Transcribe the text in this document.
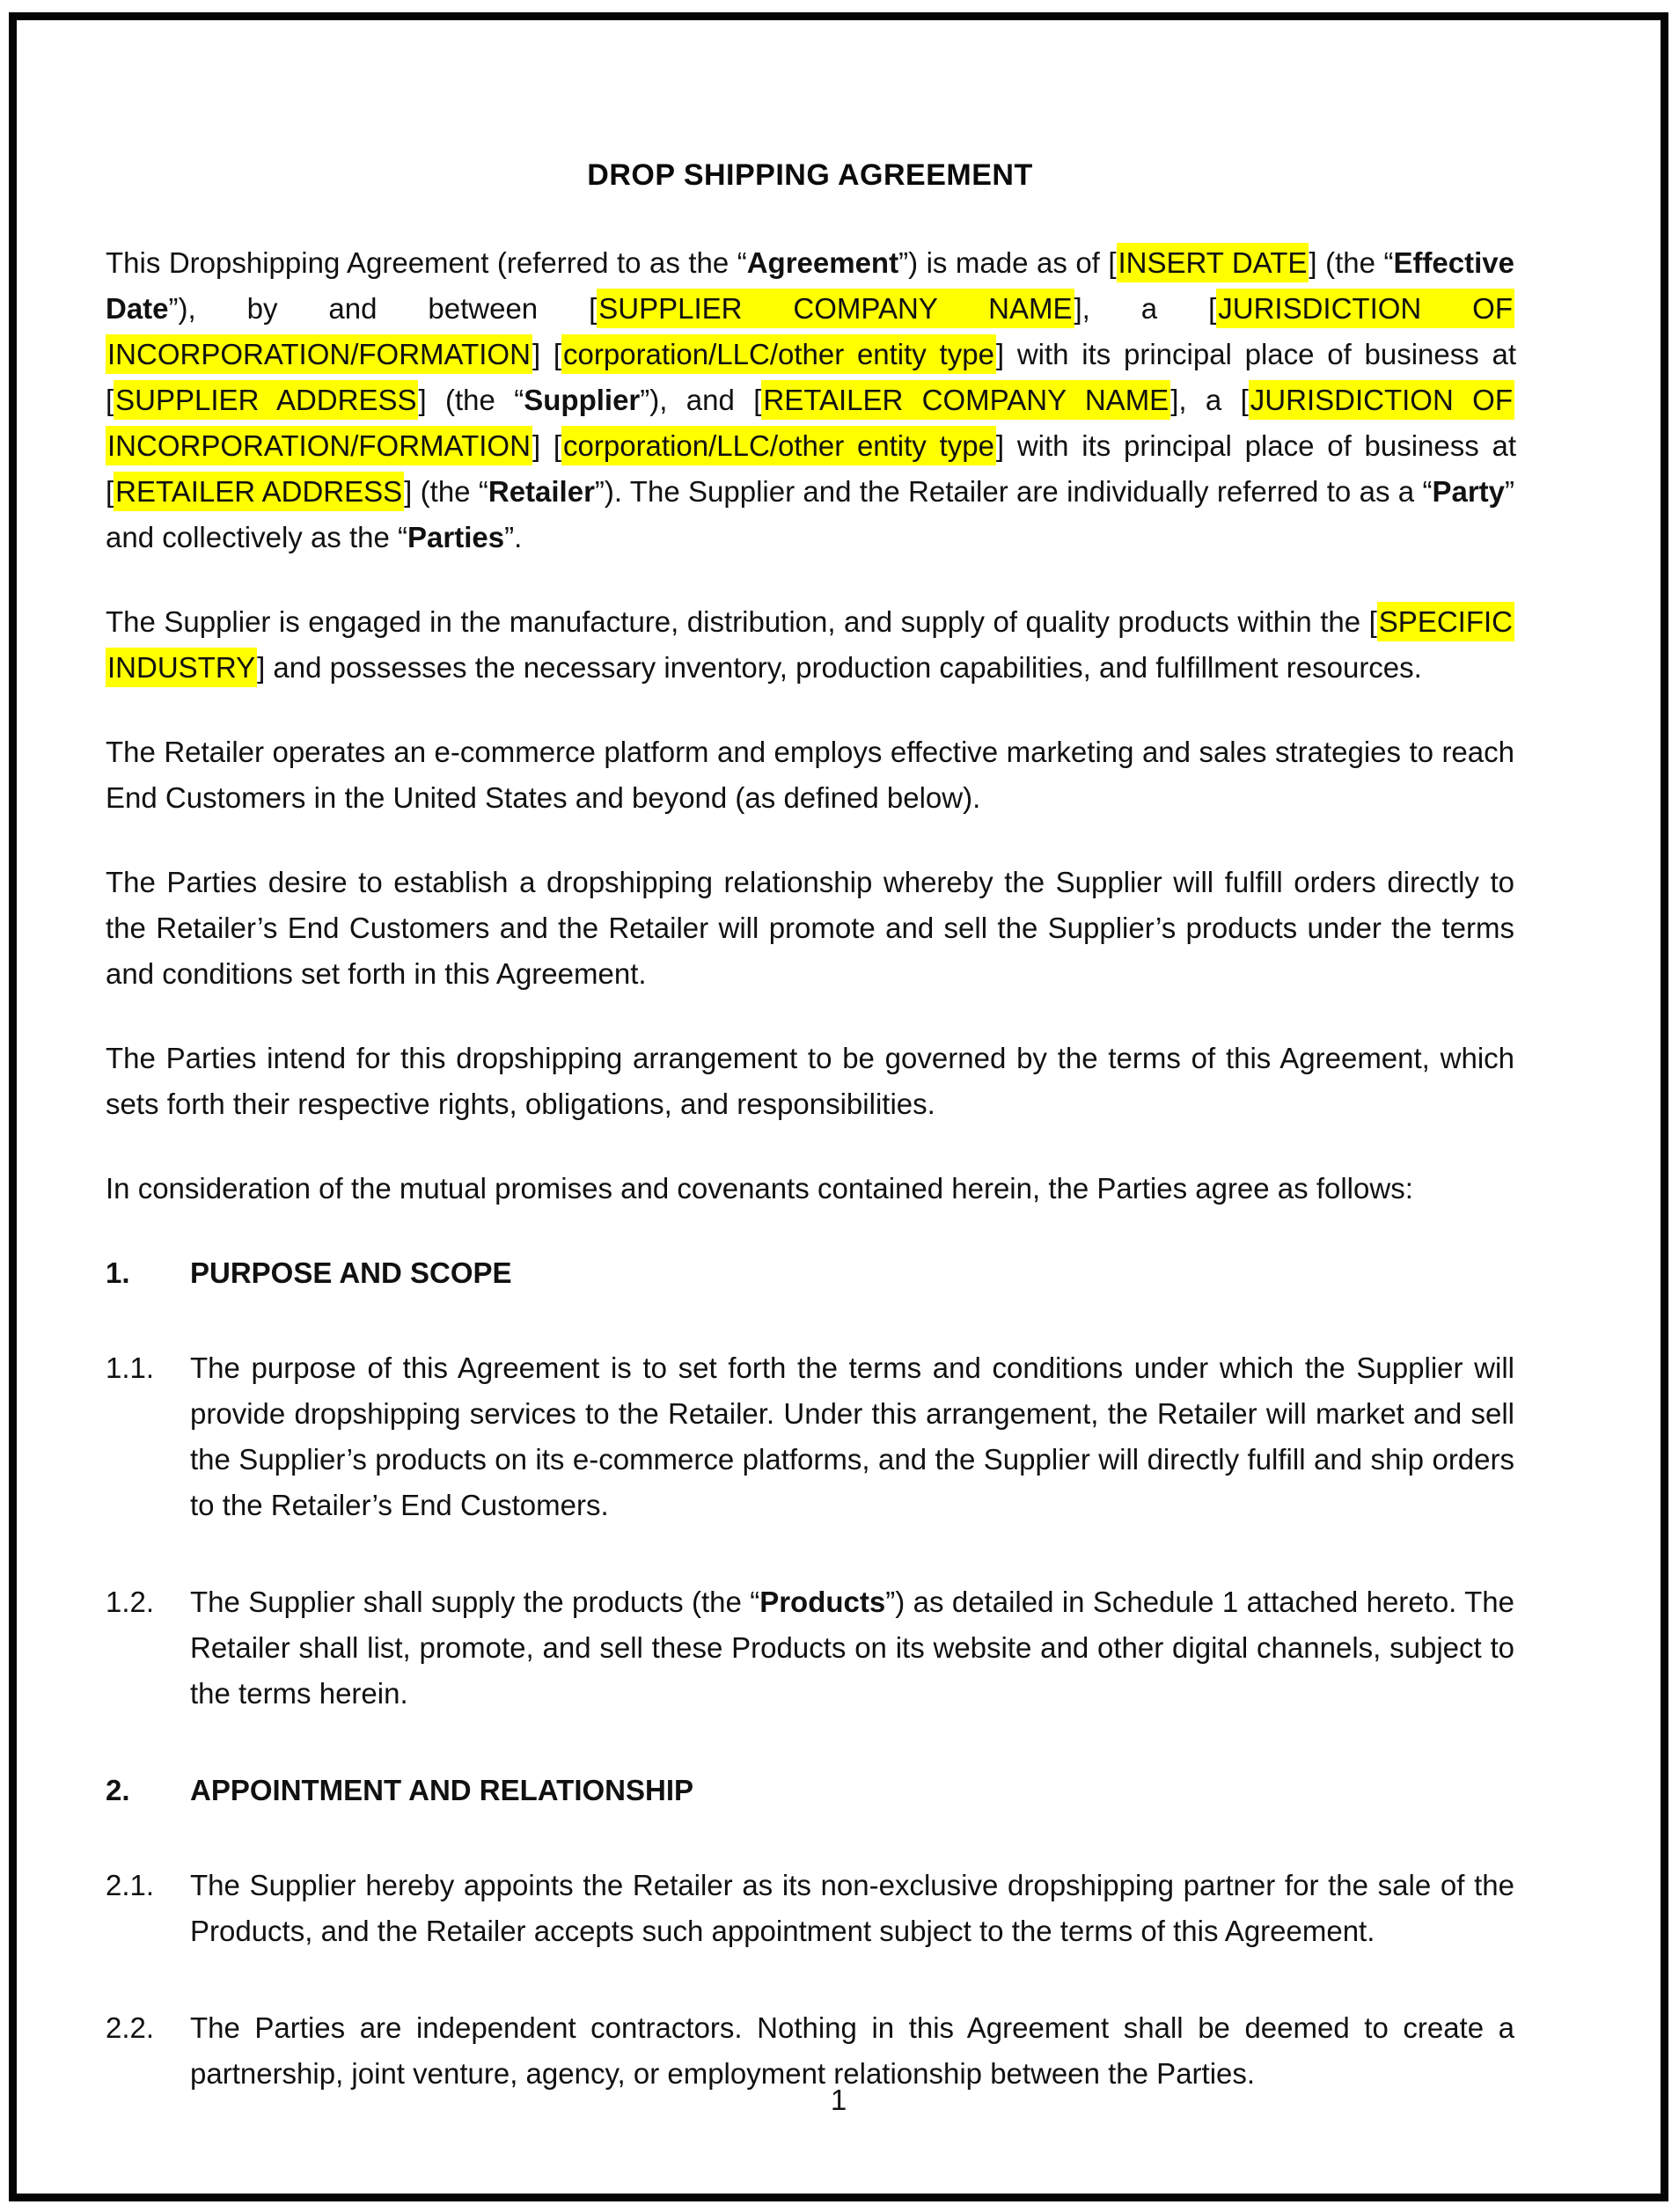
DROP SHIPPING AGREEMENT

This Dropshipping Agreement (referred to as the “Agreement”) is made as of [INSERT DATE] (the “Effective Date”), by and between [SUPPLIER COMPANY NAME], a [JURISDICTION OF INCORPORATION/FORMATION] [corporation/LLC/other entity type] with its principal place of business at [SUPPLIER ADDRESS] (the “Supplier”), and [RETAILER COMPANY NAME], a [JURISDICTION OF INCORPORATION/FORMATION] [corporation/LLC/other entity type] with its principal place of business at [RETAILER ADDRESS] (the “Retailer”). The Supplier and the Retailer are individually referred to as a “Party” and collectively as the “Parties”.

The Supplier is engaged in the manufacture, distribution, and supply of quality products within the [SPECIFIC INDUSTRY] and possesses the necessary inventory, production capabilities, and fulfillment resources.

The Retailer operates an e-commerce platform and employs effective marketing and sales strategies to reach End Customers in the United States and beyond (as defined below).

The Parties desire to establish a dropshipping relationship whereby the Supplier will fulfill orders directly to the Retailer’s End Customers and the Retailer will promote and sell the Supplier’s products under the terms and conditions set forth in this Agreement.

The Parties intend for this dropshipping arrangement to be governed by the terms of this Agreement, which sets forth their respective rights, obligations, and responsibilities.

In consideration of the mutual promises and covenants contained herein, the Parties agree as follows:

1.	PURPOSE AND SCOPE
1.1.	The purpose of this Agreement is to set forth the terms and conditions under which the Supplier will provide dropshipping services to the Retailer. Under this arrangement, the Retailer will market and sell the Supplier’s products on its e-commerce platforms, and the Supplier will directly fulfill and ship orders to the Retailer’s End Customers.
1.2.	The Supplier shall supply the products (the “Products”) as detailed in Schedule 1 attached hereto. The Retailer shall list, promote, and sell these Products on its website and other digital channels, subject to the terms herein.
2.	APPOINTMENT AND RELATIONSHIP
2.1.	The Supplier hereby appoints the Retailer as its non-exclusive dropshipping partner for the sale of the Products, and the Retailer accepts such appointment subject to the terms of this Agreement.
2.2.	The Parties are independent contractors. Nothing in this Agreement shall be deemed to create a partnership, joint venture, agency, or employment relationship between the Parties.
1
